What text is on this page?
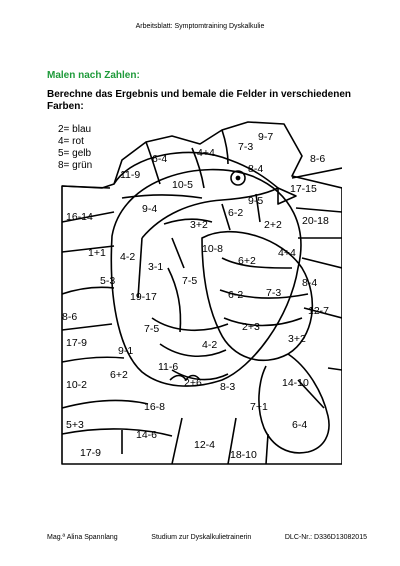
Arbeitsblatt: Symptomtraining Dyskalkulie
Malen nach Zahlen:
Berechne das Ergebnis und bemale die Felder in verschiedenen Farben:
2= blau
4= rot
5= gelb
8= grün
9-7
4+4
6-4
7-3
8-6
8-4
11-9
10-5	17-15
9-5
9-4	6-2
16-14
3+2	2+2 20-18
10-8
1+1 4-2	4+4
6+2
3-1
5-3	7-5	8-4
19-17	6-2 7-3
12-7
8-6
7-5	2+3
3+2
17-9
9-1	4-2
11-6
6+2
10-2	2+6 8-3	14-10
16-8	7+1
5+3
14-6
6-4
12-4
17-9	18-10
Mag.ª Alina Spannlang	Studium zur Dyskalkulietrainerin	DLC-Nr.: D336D13082015
